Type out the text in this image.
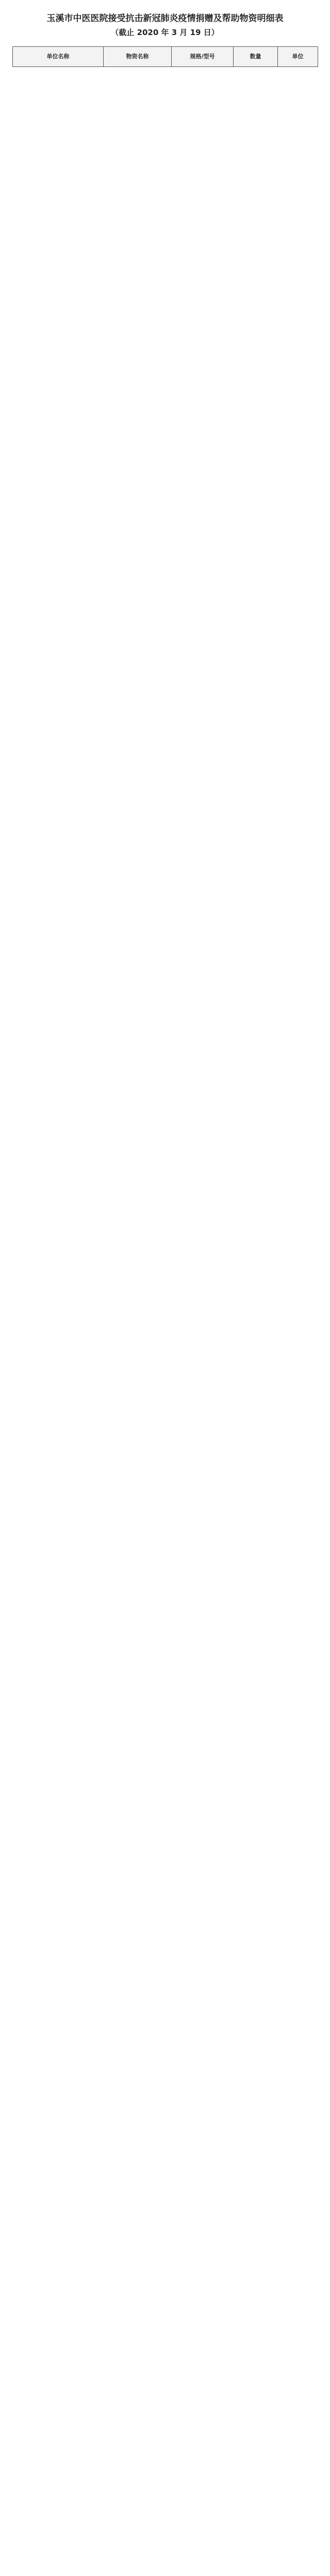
玉溪市中医医院接受抗击新冠肺炎疫情捐赠及帮助物资明细表
（截止 2020 年 3 月 19 日）
单位名称	物资名称	规格/型号	数量	单位
